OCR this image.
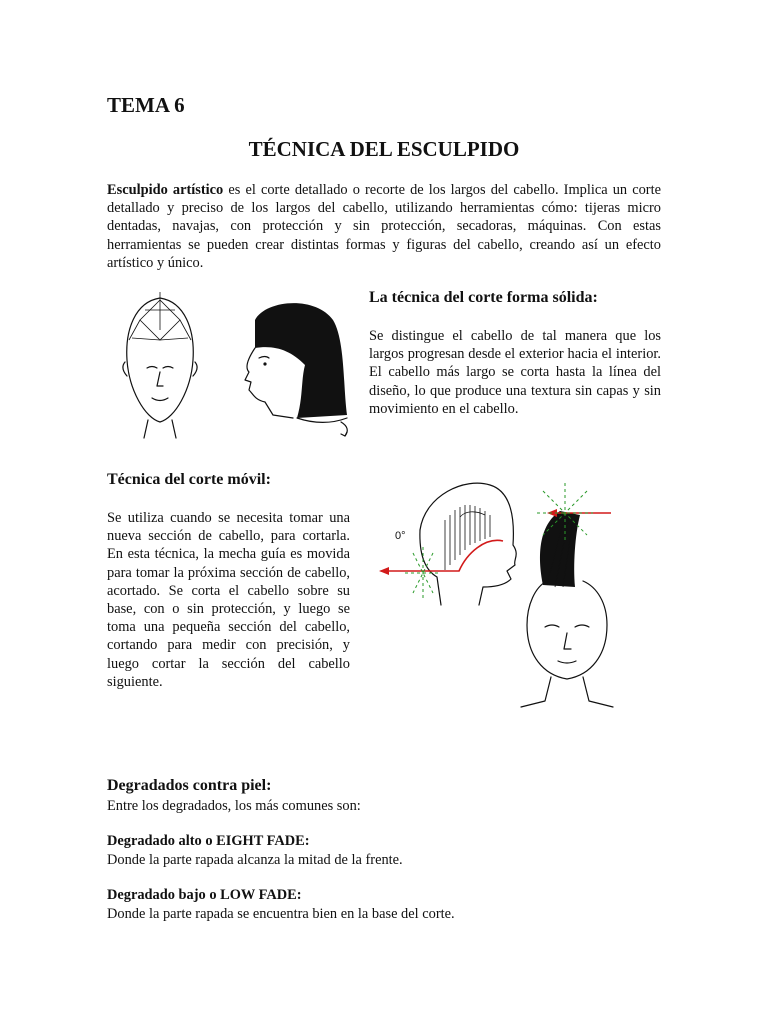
TEMA 6
TÉCNICA DEL ESCULPIDO

Esculpido artístico es el corte detallado o recorte de los largos del cabello. Implica un corte detallado y preciso de los largos del cabello, utilizando herramientas cómo: tijeras micro dentadas, navajas, con protección y sin protección, secadoras, máquinas. Con estas herramientas se pueden crear distintas formas y figuras del cabello, creando así un efecto artístico y único.

La técnica del corte forma sólida:

Se distingue el cabello de tal manera que los largos progresan desde el exterior hacia el interior. El cabello más largo se corta hasta la línea del diseño, lo que produce una textura sin capas y sin movimiento en el cabello.

Técnica del corte móvil:

Se utiliza cuando se necesita tomar una nueva sección de cabello, para cortarla. En esta técnica, la mecha guía es movida para tomar la próxima sección de cabello, acortado. Se corta el cabello sobre su base, con o sin protección, y luego se toma una pequeña sección del cabello, cortando para medir con precisión, y luego cortar la sección del cabello siguiente.

0°
Degradados contra piel:

Entre los degradados, los más comunes son:

Degradado alto o EIGHT FADE:

Donde la parte rapada alcanza la mitad de la frente.

Degradado bajo o LOW FADE:

Donde la parte rapada se encuentra bien en la base del corte.
